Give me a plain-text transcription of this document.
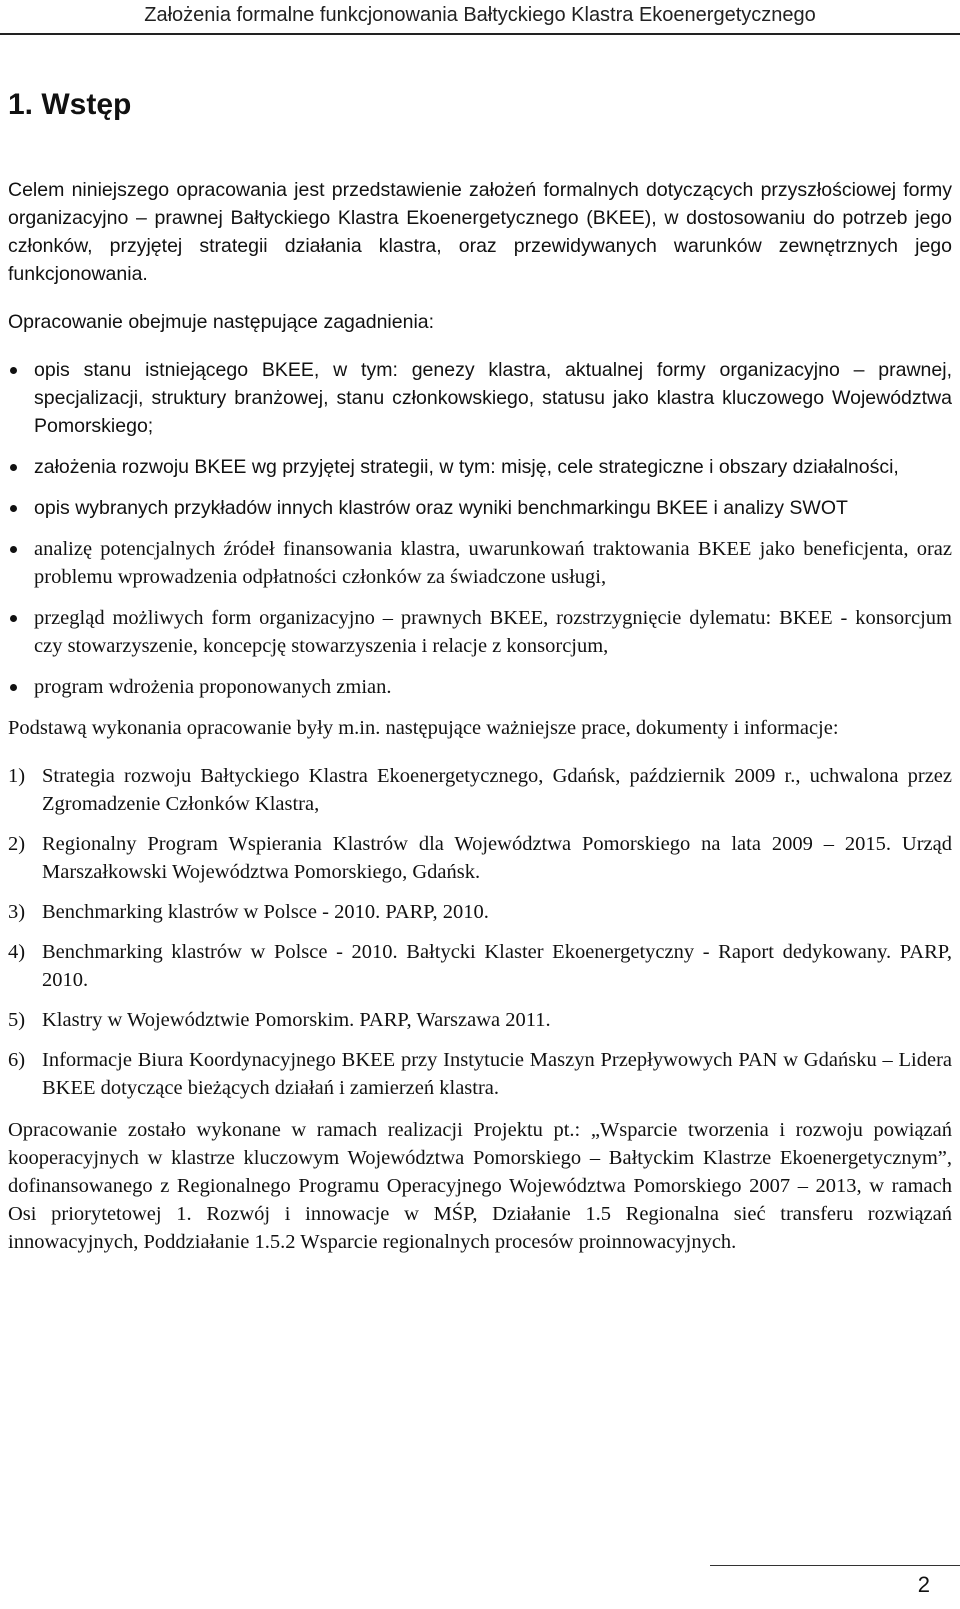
Założenia formalne funkcjonowania Bałtyckiego Klastra Ekoenergetycznego
1. Wstęp

Celem niniejszego opracowania jest przedstawienie założeń formalnych dotyczących przyszłościowej formy organizacyjno – prawnej Bałtyckiego Klastra Ekoenergetycznego (BKEE), w dostosowaniu do potrzeb jego członków, przyjętej strategii działania klastra, oraz przewidywanych warunków zewnętrznych jego funkcjonowania.

Opracowanie obejmuje następujące zagadnienia:

opis stanu istniejącego BKEE, w tym: genezy klastra, aktualnej formy organizacyjno – prawnej, specjalizacji, struktury branżowej, stanu członkowskiego, statusu jako klastra kluczowego Województwa Pomorskiego;
założenia rozwoju BKEE wg przyjętej strategii, w tym: misję, cele strategiczne i obszary działalności,
opis wybranych przykładów innych klastrów oraz wyniki benchmarkingu BKEE i analizy SWOT
analizę potencjalnych źródeł finansowania klastra, uwarunkowań traktowania BKEE jako beneficjenta, oraz problemu wprowadzenia odpłatności członków za świadczone usługi,
przegląd możliwych form organizacyjno – prawnych BKEE, rozstrzygnięcie dylematu: BKEE - konsorcjum czy stowarzyszenie, koncepcję stowarzyszenia i relacje z konsorcjum,
program wdrożenia proponowanych zmian.

Podstawą wykonania opracowanie były m.in. następujące ważniejsze prace, dokumenty i informacje:

1) Strategia rozwoju Bałtyckiego Klastra Ekoenergetycznego, Gdańsk, październik 2009 r., uchwalona przez Zgromadzenie Członków Klastra,
2) Regionalny Program Wspierania Klastrów dla Województwa Pomorskiego na lata 2009 – 2015. Urząd Marszałkowski Województwa Pomorskiego, Gdańsk.
3) Benchmarking klastrów w Polsce - 2010. PARP, 2010.
4) Benchmarking klastrów w Polsce - 2010. Bałtycki Klaster Ekoenergetyczny - Raport dedykowany. PARP, 2010.
5) Klastry w Województwie Pomorskim. PARP, Warszawa 2011.
6) Informacje Biura Koordynacyjnego BKEE przy Instytucie Maszyn Przepływowych PAN w Gdańsku – Lidera BKEE dotyczące bieżących działań i zamierzeń klastra.

Opracowanie zostało wykonane w ramach realizacji Projektu pt.: „Wsparcie tworzenia i rozwoju powiązań kooperacyjnych w klastrze kluczowym Województwa Pomorskiego – Bałtyckim Klastrze Ekoenergetycznym”, dofinansowanego z Regionalnego Programu Operacyjnego Województwa Pomorskiego 2007 – 2013, w ramach Osi priorytetowej 1. Rozwój i innowacje w MŚP, Działanie 1.5 Regionalna sieć transferu rozwiązań innowacyjnych, Poddziałanie 1.5.2 Wsparcie regionalnych procesów proinnowacyjnych.

2
